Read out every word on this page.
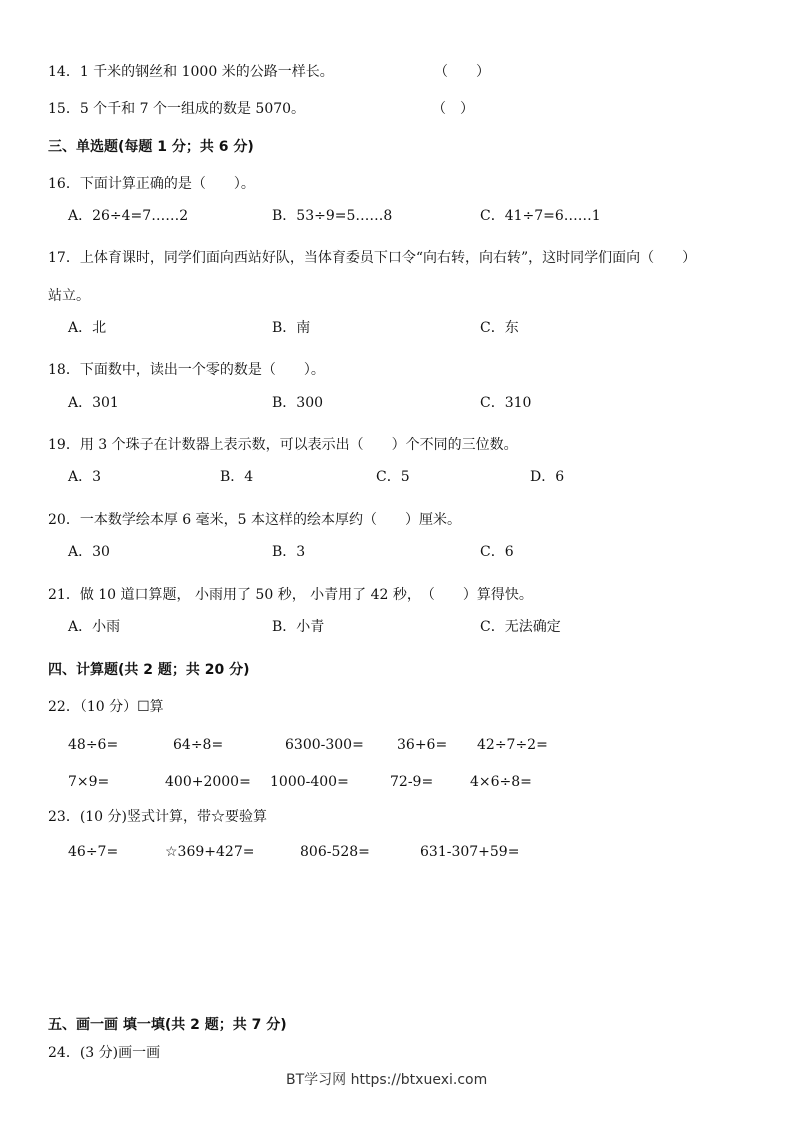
14．1 千米的钢丝和 1000 米的公路一样长。	（　　）
15．5 个千和 7 个一组成的数是 5070。	（　）
三、单选题(每题 1 分；共 6 分)
16．下面计算正确的是（　　）。
A．26÷4=7……2	B．53÷9=5……8	C．41÷7=6……1
17．上体育课时，同学们面向西站好队，当体育委员下口令“向右转，向右转”，这时同学们面向（　　）
站立。
A．北	B．南	C．东
18．下面数中，读出一个零的数是（　　）。
A．301	B．300	C．310
19．用 3 个珠子在计数器上表示数，可以表示出（　　）个不同的三位数。
A．3	B．4	C．5	D．6
20．一本数学绘本厚 6 毫米，5 本这样的绘本厚约（　　）厘米。
A．30	B．3	C．6
21．做 10 道口算题， 小雨用了 50 秒， 小青用了 42 秒，　（　　）算得快。
A．小雨	B．小青	C．无法确定
四、计算题(共 2 题；共 20 分)
22．（10 分）☐算
48÷6=	64÷8=	6300-300= 36+6= 42÷7÷2=
7×9=	400+2000= 1000-400=	72-9=	4×6÷8=
23．(10 分)竖式计算，带☆要验算
46÷7=	☆369+427=	806-528=	631-307+59=
五、画一画 填一填(共 2 题；共 7 分)
24．(3 分)画一画
BT学习网 https://btxuexi.com
